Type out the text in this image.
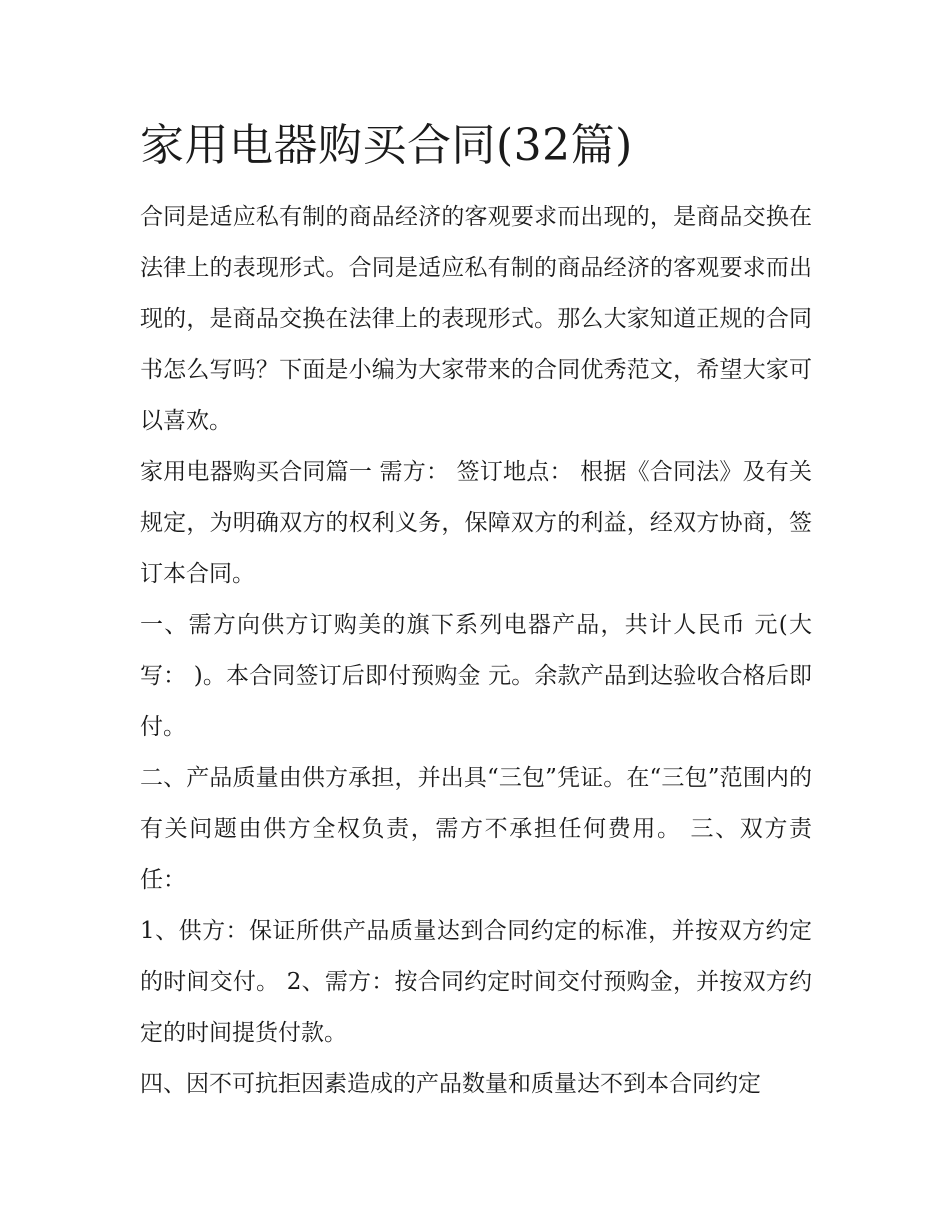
家用电器购买合同(32篇)

合同是适应私有制的商品经济的客观要求而出现的，是商品交换在法律上的表现形式。合同是适应私有制的商品经济的客观要求而出现的，是商品交换在法律上的表现形式。那么大家知道正规的合同书怎么写吗？下面是小编为大家带来的合同优秀范文，希望大家可以喜欢。

家用电器购买合同篇一 需方： 签订地点： 根据《合同法》及有关规定，为明确双方的权利义务，保障双方的利益，经双方协商，签订本合同。

一、需方向供方订购美的旗下系列电器产品，共计人民币 元(大写： )。本合同签订后即付预购金 元。余款产品到达验收合格后即付。

二、产品质量由供方承担，并出具“三包”凭证。在“三包”范围内的有关问题由供方全权负责，需方不承担任何费用。 三、双方责任：

1、供方：保证所供产品质量达到合同约定的标准，并按双方约定的时间交付。 2、需方：按合同约定时间交付预购金，并按双方约定的时间提货付款。

四、因不可抗拒因素造成的产品数量和质量达不到本合同约定
